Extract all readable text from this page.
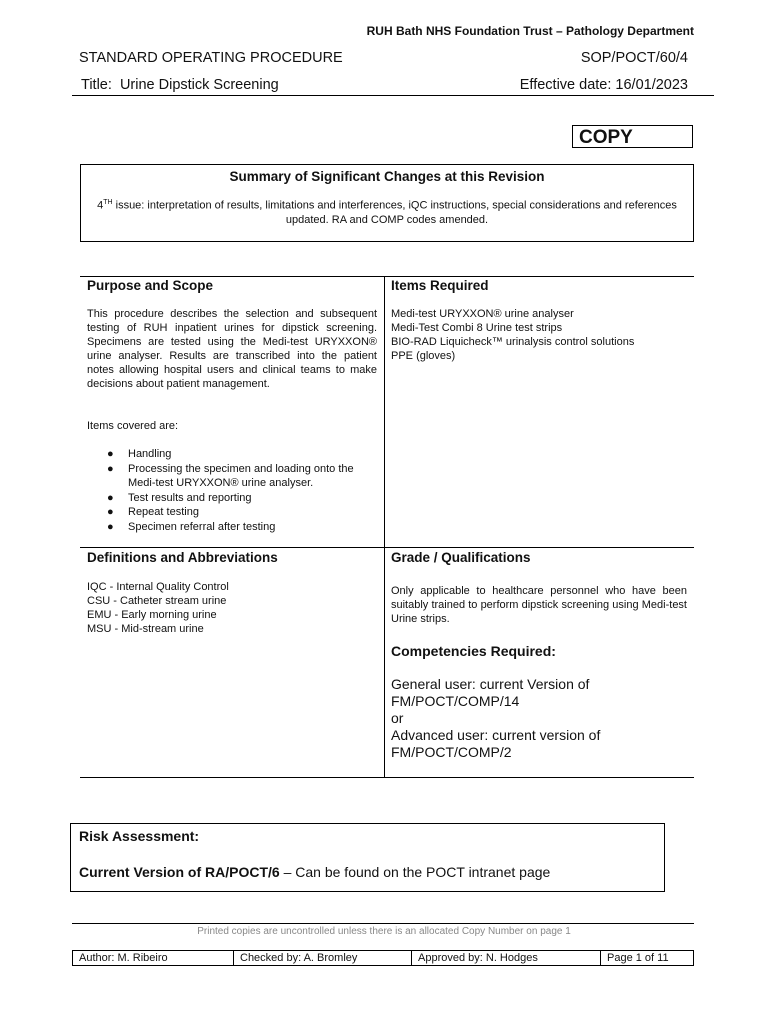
RUH Bath NHS Foundation Trust – Pathology Department
STANDARD OPERATING PROCEDURE	SOP/POCT/60/4
Title: Urine Dipstick Screening	Effective date: 16/01/2023
COPY
Summary of Significant Changes at this Revision
4TH issue: interpretation of results, limitations and interferences, iQC instructions, special considerations and references updated. RA and COMP codes amended.
Purpose and Scope
This procedure describes the selection and subsequent testing of RUH inpatient urines for dipstick screening. Specimens are tested using the Medi-test URYXXON® urine analyser. Results are transcribed into the patient notes allowing hospital users and clinical teams to make decisions about patient management.
Items covered are:
● Handling
● Processing the specimen and loading onto the Medi-test URYXXON® urine analyser.
● Test results and reporting
● Repeat testing
● Specimen referral after testing
Items Required
Medi-test URYXXON® urine analyser
Medi-Test Combi 8 Urine test strips
BIO-RAD Liquicheck™ urinalysis control solutions
PPE (gloves)
Definitions and Abbreviations
IQC - Internal Quality Control
CSU - Catheter stream urine
EMU - Early morning urine
MSU - Mid-stream urine
Grade / Qualifications
Only applicable to healthcare personnel who have been suitably trained to perform dipstick screening using Medi-test Urine strips.
Competencies Required:
General user: current Version of
FM/POCT/COMP/14
or
Advanced user: current version of
FM/POCT/COMP/2
Risk Assessment:
Current Version of RA/POCT/6 – Can be found on the POCT intranet page
Printed copies are uncontrolled unless there is an allocated Copy Number on page 1
Author: M. Ribeiro	Checked by: A. Bromley	Approved by: N. Hodges	Page 1 of 11
